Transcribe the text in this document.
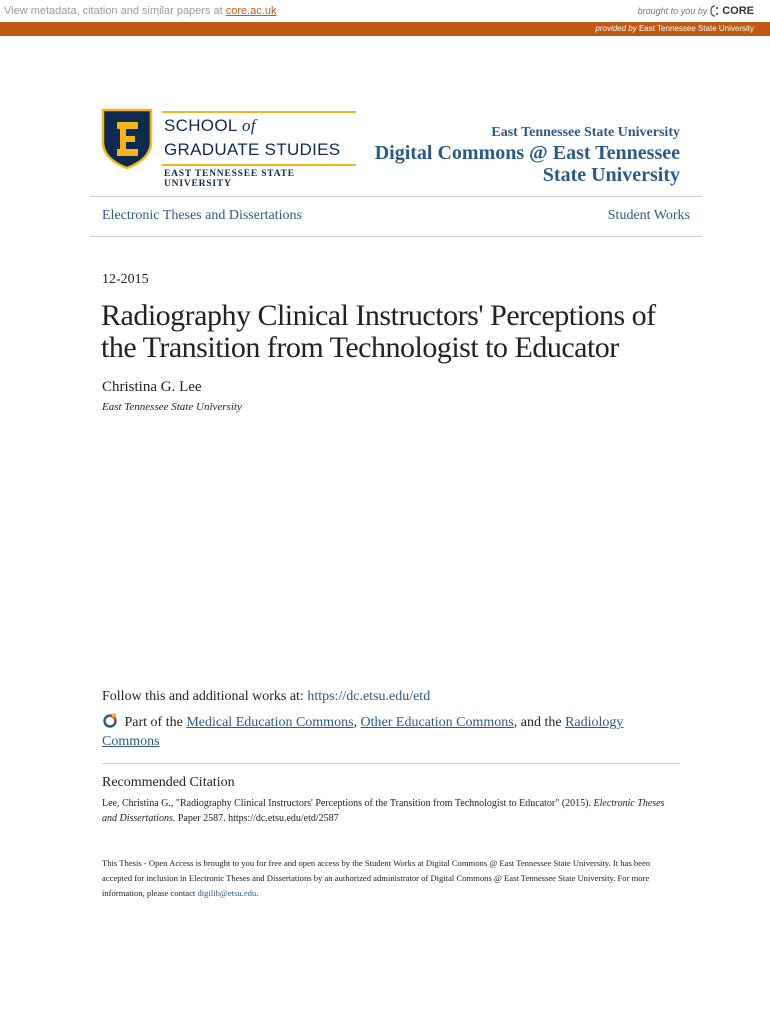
View metadata, citation and similar papers at core.ac.uk	brought to you by CORE
provided by East Tennessee State University
SCHOOL of
GRADUATE STUDIES
EAST TENNESSEE STATE UNIVERSITY
East Tennessee State University
Digital Commons @ East Tennessee State University
Electronic Theses and Dissertations	Student Works
12-2015
Radiography Clinical Instructors' Perceptions of the Transition from Technologist to Educator
Christina G. Lee
East Tennessee State University
Follow this and additional works at: https://dc.etsu.edu/etd
Part of the Medical Education Commons, Other Education Commons, and the Radiology Commons
Recommended Citation
Lee, Christina G., "Radiography Clinical Instructors' Perceptions of the Transition from Technologist to Educator" (2015). Electronic Theses and Dissertations. Paper 2587. https://dc.etsu.edu/etd/2587
This Thesis - Open Access is brought to you for free and open access by the Student Works at Digital Commons @ East Tennessee State University. It has been accepted for inclusion in Electronic Theses and Dissertations by an authorized administrator of Digital Commons @ East Tennessee State University. For more information, please contact digilib@etsu.edu.
